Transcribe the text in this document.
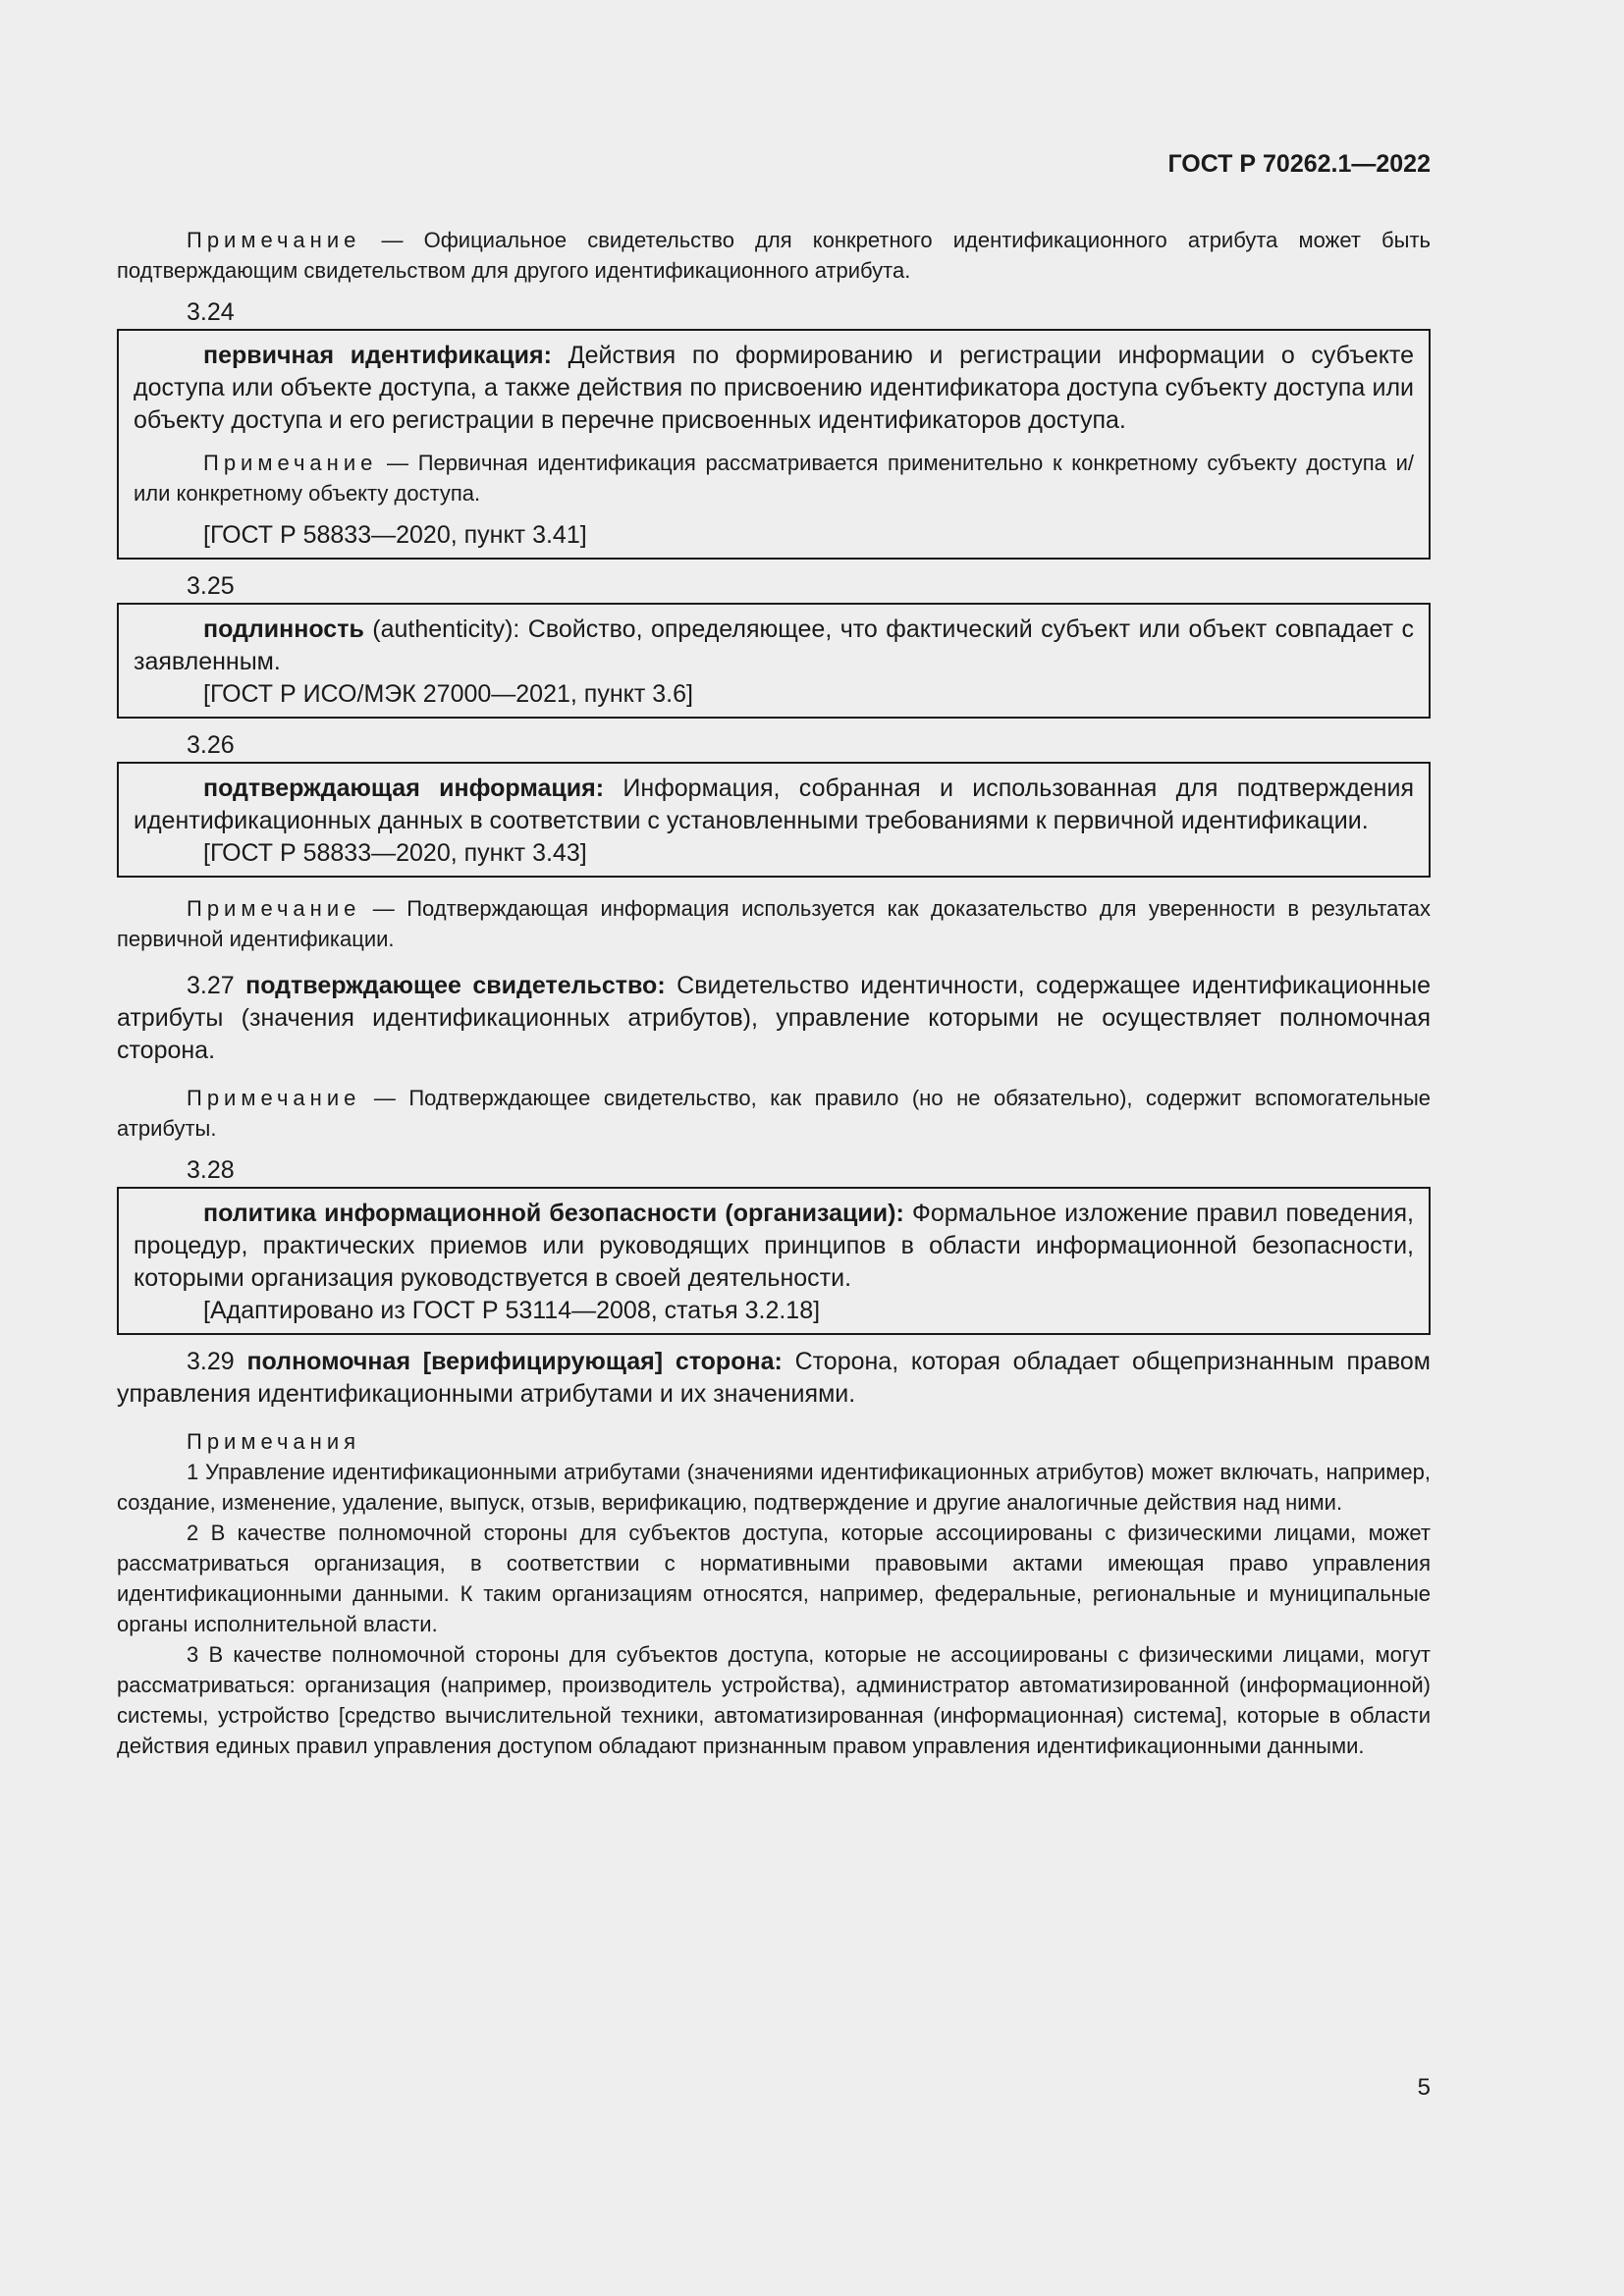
ГОСТ Р 70262.1—2022

Примечание — Официальное свидетельство для конкретного идентификационного атрибута может быть подтверждающим свидетельством для другого идентификационного атрибута.

3.24

первичная идентификация: Действия по формированию и регистрации информации о субъекте доступа или объекте доступа, а также действия по присвоению идентификатора доступа субъекту доступа или объекту доступа и его регистрации в перечне присвоенных идентификаторов доступа.

Примечание — Первичная идентификация рассматривается применительно к конкретному субъекту доступа и/или конкретному объекту доступа.

[ГОСТ Р 58833—2020, пункт 3.41]

3.25

подлинность (authenticity): Свойство, определяющее, что фактический субъект или объект совпадает с заявленным.

[ГОСТ Р ИСО/МЭК 27000—2021, пункт 3.6]

3.26

подтверждающая информация: Информация, собранная и использованная для подтверждения идентификационных данных в соответствии с установленными требованиями к первичной идентификации.

[ГОСТ Р 58833—2020, пункт 3.43]

Примечание — Подтверждающая информация используется как доказательство для уверенности в результатах первичной идентификации.

3.27 подтверждающее свидетельство: Свидетельство идентичности, содержащее идентификационные атрибуты (значения идентификационных атрибутов), управление которыми не осуществляет полномочная сторона.

Примечание — Подтверждающее свидетельство, как правило (но не обязательно), содержит вспомогательные атрибуты.

3.28

политика информационной безопасности (организации): Формальное изложение правил поведения, процедур, практических приемов или руководящих принципов в области информационной безопасности, которыми организация руководствуется в своей деятельности.

[Адаптировано из ГОСТ Р 53114—2008, статья 3.2.18]

3.29 полномочная [верифицирующая] сторона: Сторона, которая обладает общепризнанным правом управления идентификационными атрибутами и их значениями.

Примечания

1 Управление идентификационными атрибутами (значениями идентификационных атрибутов) может включать, например, создание, изменение, удаление, выпуск, отзыв, верификацию, подтверждение и другие аналогичные действия над ними.

2 В качестве полномочной стороны для субъектов доступа, которые ассоциированы с физическими лицами, может рассматриваться организация, в соответствии с нормативными правовыми актами имеющая право управления идентификационными данными. К таким организациям относятся, например, федеральные, региональные и муниципальные органы исполнительной власти.

3 В качестве полномочной стороны для субъектов доступа, которые не ассоциированы с физическими лицами, могут рассматриваться: организация (например, производитель устройства), администратор автоматизированной (информационной) системы, устройство [средство вычислительной техники, автоматизированная (информационная) система], которые в области действия единых правил управления доступом обладают признанным правом управления идентификационными данными.

5
